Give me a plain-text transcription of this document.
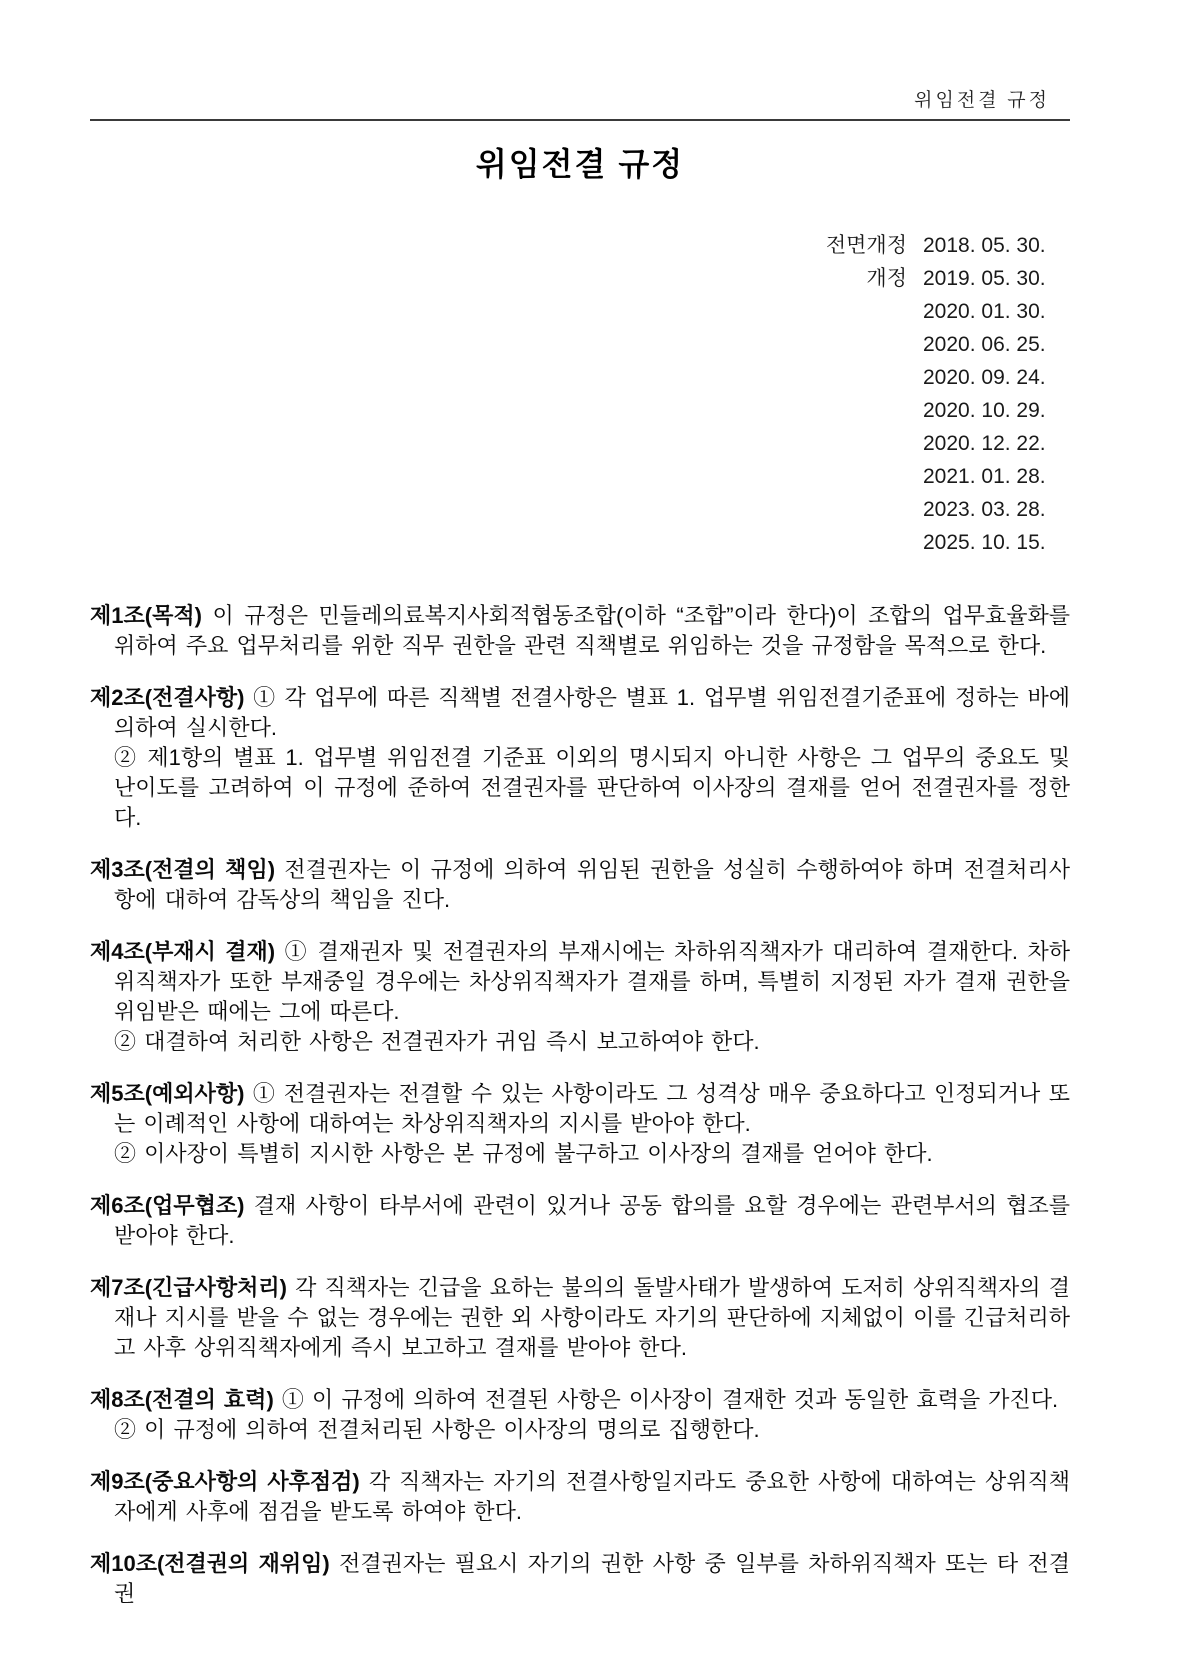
위임전결 규정
위임전결 규정
전면개정 2018. 05. 30.
개정 2019. 05. 30.
2020. 01. 30.
2020. 06. 25.
2020. 09. 24.
2020. 10. 29.
2020. 12. 22.
2021. 01. 28.
2023. 03. 28.
2025. 10. 15.

제1조(목적) 이 규정은 민들레의료복지사회적협동조합(이하 “조합”이라 한다)이 조합의 업무효율화를 위하여 주요 업무처리를 위한 직무 권한을 관련 직책별로 위임하는 것을 규정함을 목적으로 한다.

제2조(전결사항) ① 각 업무에 따른 직책별 전결사항은 별표 1. 업무별 위임전결기준표에 정하는 바에 의하여 실시한다.
② 제1항의 별표 1. 업무별 위임전결 기준표 이외의 명시되지 아니한 사항은 그 업무의 중요도 및 난이도를 고려하여 이 규정에 준하여 전결권자를 판단하여 이사장의 결재를 얻어 전결권자를 정한다.

제3조(전결의 책임) 전결권자는 이 규정에 의하여 위임된 권한을 성실히 수행하여야 하며 전결처리사항에 대하여 감독상의 책임을 진다.

제4조(부재시 결재) ① 결재권자 및 전결권자의 부재시에는 차하위직책자가 대리하여 결재한다. 차하위직책자가 또한 부재중일 경우에는 차상위직책자가 결재를 하며, 특별히 지정된 자가 결재 권한을 위임받은 때에는 그에 따른다.
② 대결하여 처리한 사항은 전결권자가 귀임 즉시 보고하여야 한다.

제5조(예외사항) ① 전결권자는 전결할 수 있는 사항이라도 그 성격상 매우 중요하다고 인정되거나 또는 이례적인 사항에 대하여는 차상위직책자의 지시를 받아야 한다.
② 이사장이 특별히 지시한 사항은 본 규정에 불구하고 이사장의 결재를 얻어야 한다.

제6조(업무협조) 결재 사항이 타부서에 관련이 있거나 공동 합의를 요할 경우에는 관련부서의 협조를 받아야 한다.

제7조(긴급사항처리) 각 직책자는 긴급을 요하는 불의의 돌발사태가 발생하여 도저히 상위직책자의 결재나 지시를 받을 수 없는 경우에는 권한 외 사항이라도 자기의 판단하에 지체없이 이를 긴급처리하고 사후 상위직책자에게 즉시 보고하고 결재를 받아야 한다.

제8조(전결의 효력) ① 이 규정에 의하여 전결된 사항은 이사장이 결재한 것과 동일한 효력을 가진다.
② 이 규정에 의하여 전결처리된 사항은 이사장의 명의로 집행한다.

제9조(중요사항의 사후점검) 각 직책자는 자기의 전결사항일지라도 중요한 사항에 대하여는 상위직책자에게 사후에 점검을 받도록 하여야 한다.

제10조(전결권의 재위임) 전결권자는 필요시 자기의 권한 사항 중 일부를 차하위직책자 또는 타 전결권
